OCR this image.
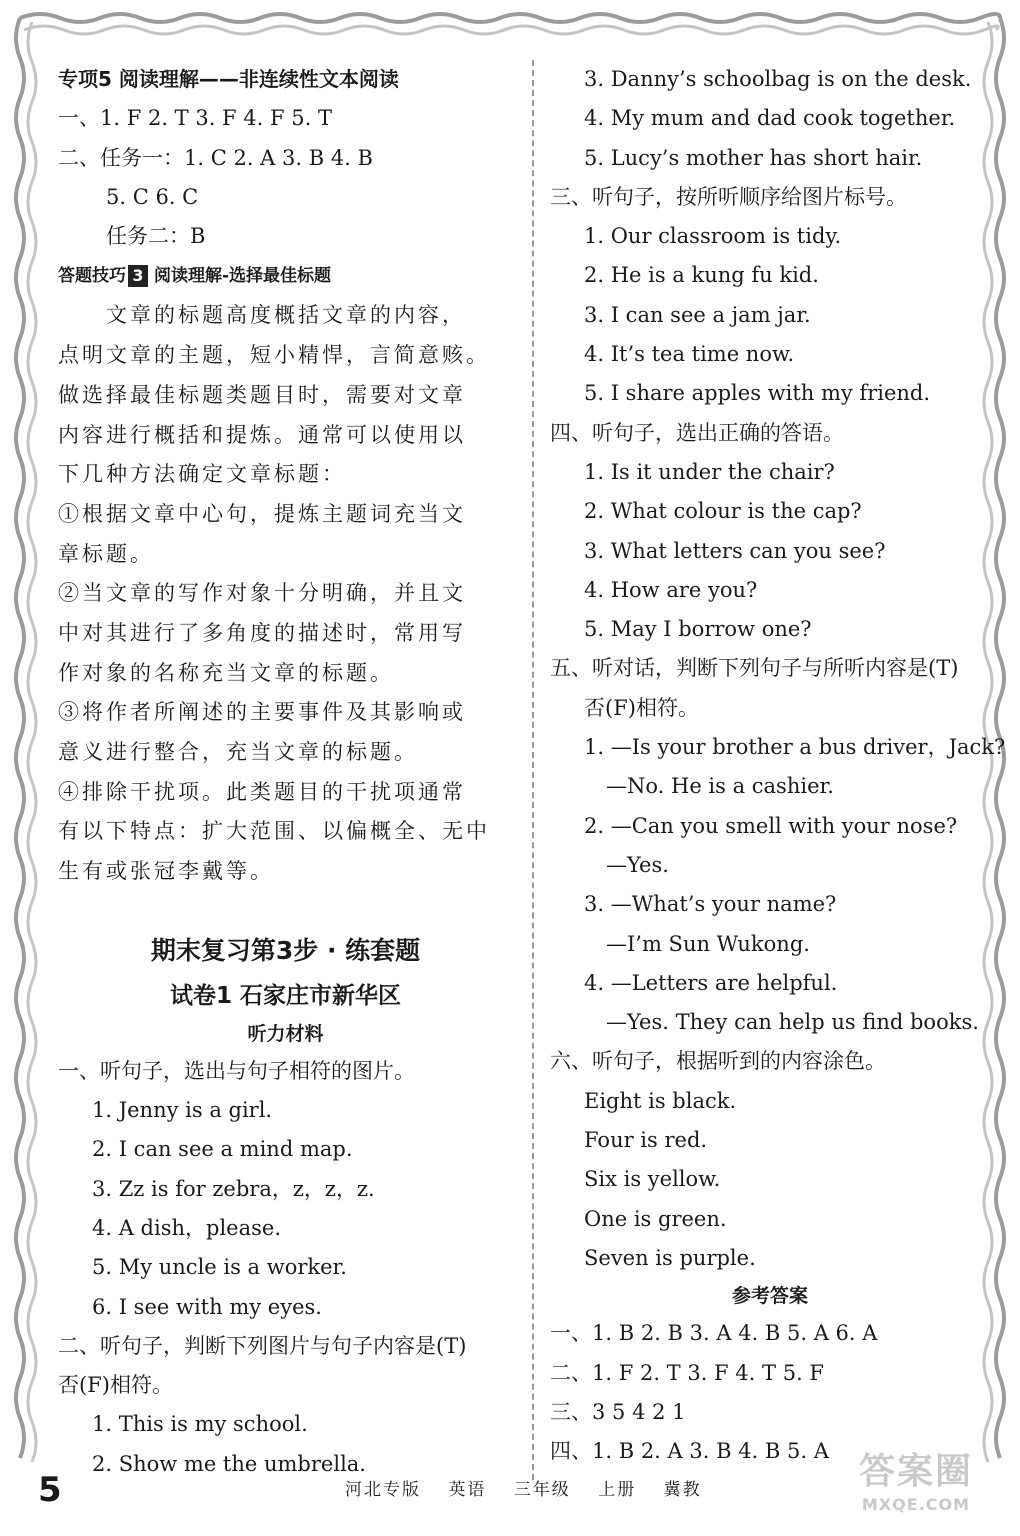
专项5 阅读理解——非连续性文本阅读
一、1. F 2. T 3. F 4. F 5. T
二、任务一：1. C 2. A 3. B 4. B
5. C 6. C
任务二：B
答题技巧 3 阅读理解-选择最佳标题
　　文章的标题高度概括文章的内容，
点明文章的主题，短小精悍，言简意赅。
做选择最佳标题类题目时，需要对文章
内容进行概括和提炼。通常可以使用以
下几种方法确定文章标题：
①根据文章中心句，提炼主题词充当文
章标题。
②当文章的写作对象十分明确，并且文
中对其进行了多角度的描述时，常用写
作对象的名称充当文章的标题。
③将作者所阐述的主要事件及其影响或
意义进行整合，充当文章的标题。
④排除干扰项。此类题目的干扰项通常
有以下特点：扩大范围、以偏概全、无中
生有或张冠李戴等。
期末复习第3步 · 练套题
试卷1 石家庄市新华区
听力材料
一、听句子，选出与句子相符的图片。
1. Jenny is a girl.
2. I can see a mind map.
3. Zz is for zebra，z，z，z.
4. A dish，please.
5. My uncle is a worker.
6. I see with my eyes.
二、听句子，判断下列图片与句子内容是(T)
否(F)相符。
1. This is my school.
2. Show me the umbrella.
3. Danny’s schoolbag is on the desk.
4. My mum and dad cook together.
5. Lucy’s mother has short hair.
三、听句子，按所听顺序给图片标号。
1. Our classroom is tidy.
2. He is a kung fu kid.
3. I can see a jam jar.
4. It’s tea time now.
5. I share apples with my friend.
四、听句子，选出正确的答语。
1. Is it under the chair?
2. What colour is the cap?
3. What letters can you see?
4. How are you?
5. May I borrow one?
五、听对话，判断下列句子与所听内容是(T)
否(F)相符。
1. —Is your brother a bus driver，Jack?
—No. He is a cashier.
2. —Can you smell with your nose?
—Yes.
3. —What’s your name?
—I’m Sun Wukong.
4. —Letters are helpful.
—Yes. They can help us find books.
六、听句子，根据听到的内容涂色。
Eight is black.
Four is red.
Six is yellow.
One is green.
Seven is purple.
参考答案
一、1. B 2. B 3. A 4. B 5. A 6. A
二、1. F 2. T 3. F 4. T 5. F
三、3 5 4 2 1
四、1. B 2. A 3. B 4. B 5. A
5	河北专版 英语 三年级 上册 冀教	答案圈
MXQE.COM
